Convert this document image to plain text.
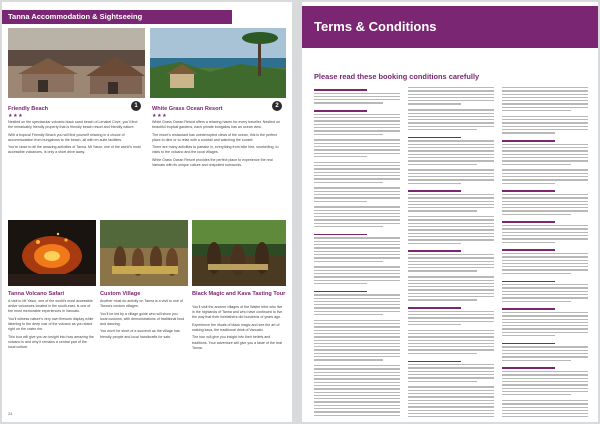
Tanna Accommodation & Sightseeing
1	2
Friendly Beach
★★★

Nestled on the spectacular volcanic black sand beach of Lenakel Cove, you'll find the remarkably friendly property that is friendly beach resort and friendly nature.

With a tropical Friendly Beach you will find yourself relaxing in a choice of accommodation from bungalows to the beach, all with en-suite facilities.

You're close to all the amazing activities of Tanna. Mt Yasur, one of the world's most accessible volcanoes, is only a short drive away.

White Grass Ocean Resort
★★★

White Grass Ocean Resort offers a relaxing haven for every traveller. Nestled on beautiful tropical gardens, each private bungalow has an ocean view.

The resort's restaurant has uninterrupted views of the ocean, this is the perfect place to dine or to relax with a cocktail and watching the sunset.

There are many activities to partake in, everything from bike hire, snorkelling, to visits to the volcano and the local villages.

White Grass Ocean Resort provides the perfect place to experience the real Vanuatu with its unique culture and unspoiled surrounds.

Tanna Volcano Safari

A visit to Mt Yasur, one of the world's most accessible active volcanoes located in the south-east, is one of the most memorable experiences in Vanuatu.

You'll witness nature's very own firework display while listening to the deep roar of the volcano as you stand right on the crater rim.

This tour will give you an insight into how amazing the volcano is and why it remains a central part of the local culture.

Custom Village

Another must do activity on Tanna is a visit to one of Tanna's custom villages.

You'll be led by a village guide who will show you local customs, with demonstrations of traditional food and dancing.

You won't be short of a souvenir as the village has friendly people and local handicrafts for sale.

Black Magic and Kava Tasting Tour

You'll visit the ancient villages of the Waiter tribe who live in the highlands of Tanna and who have continued to live the way that their forefathers did hundreds of years ago.

Experience the rituals of black magic and see the art of making kava, the traditional drink of Vanuatu.

The tour will give you insight into their beliefs and traditions. Your adventure will give you a taste of the real Tanna.

24
Terms & Conditions
Please read these booking conditions carefully
